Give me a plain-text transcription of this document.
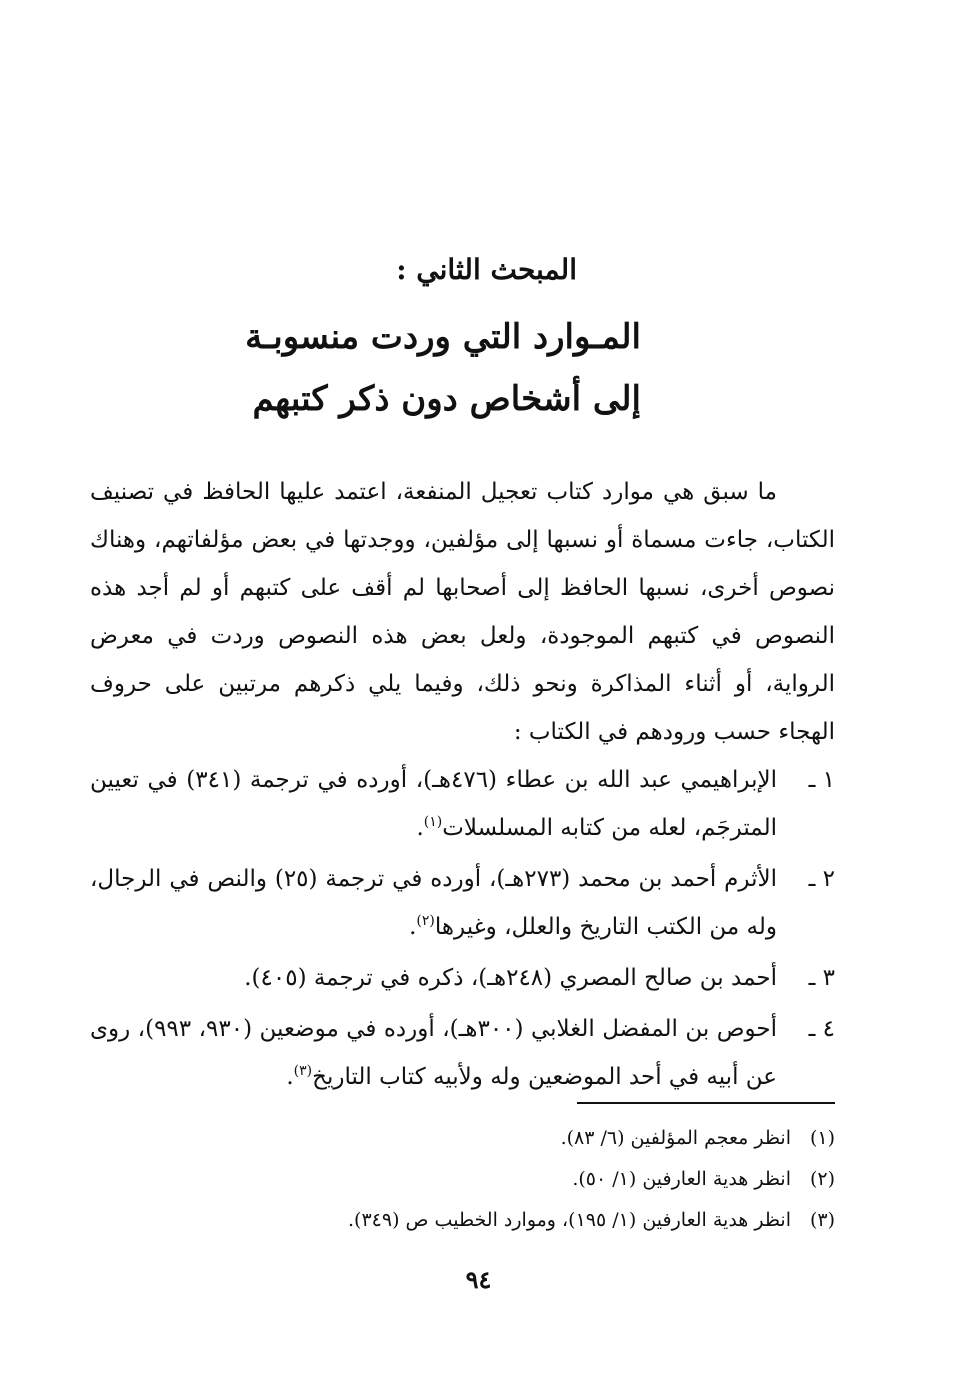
المبحث الثاني :
المـوارد التي وردت منسوبـة
إلى أشخاص دون ذكر كتبهم

ما سبق هي موارد كتاب تعجيل المنفعة، اعتمد عليها الحافظ في تصنيف الكتاب، جاءت مسماة أو نسبها إلى مؤلفين، ووجدتها في بعض مؤلفاتهم، وهناك نصوص أخرى، نسبها الحافظ إلى أصحابها لم أقف على كتبهم أو لم أجد هذه النصوص في كتبهم الموجودة، ولعل بعض هذه النصوص وردت في معرض الرواية، أو أثناء المذاكرة ونحو ذلك، وفيما يلي ذكرهم مرتبين على حروف الهجاء حسب ورودهم في الكتاب :

١ ـ
الإبراهيمي عبد الله بن عطاء (٤٧٦هـ)، أورده في ترجمة (٣٤١) في تعيين المترجَم، لعله من كتابه المسلسلات$^{(١)}$.
٢ ـ
الأثرم أحمد بن محمد (٢٧٣هـ)، أورده في ترجمة (٢٥) والنص في الرجال، وله من الكتب التاريخ والعلل، وغيرها$^{(٢)}$.
٣ ـ
أحمد بن صالح المصري (٢٤٨هـ)، ذكره في ترجمة (٤٠٥).
٤ ـ
أحوص بن المفضل الغلابي (٣٠٠هـ)، أورده في موضعين (٩٣٠، ٩٩٣)، روى عن أبيه في أحد الموضعين وله ولأبيه كتاب التاريخ$^{(٣)}$.
(١)
انظر معجم المؤلفين (٦/ ٨٣).
(٢)
انظر هدية العارفين (١/ ٥٠).
(٣)
انظر هدية العارفين (١/ ١٩٥)، وموارد الخطيب ص (٣٤٩).
٩٤
